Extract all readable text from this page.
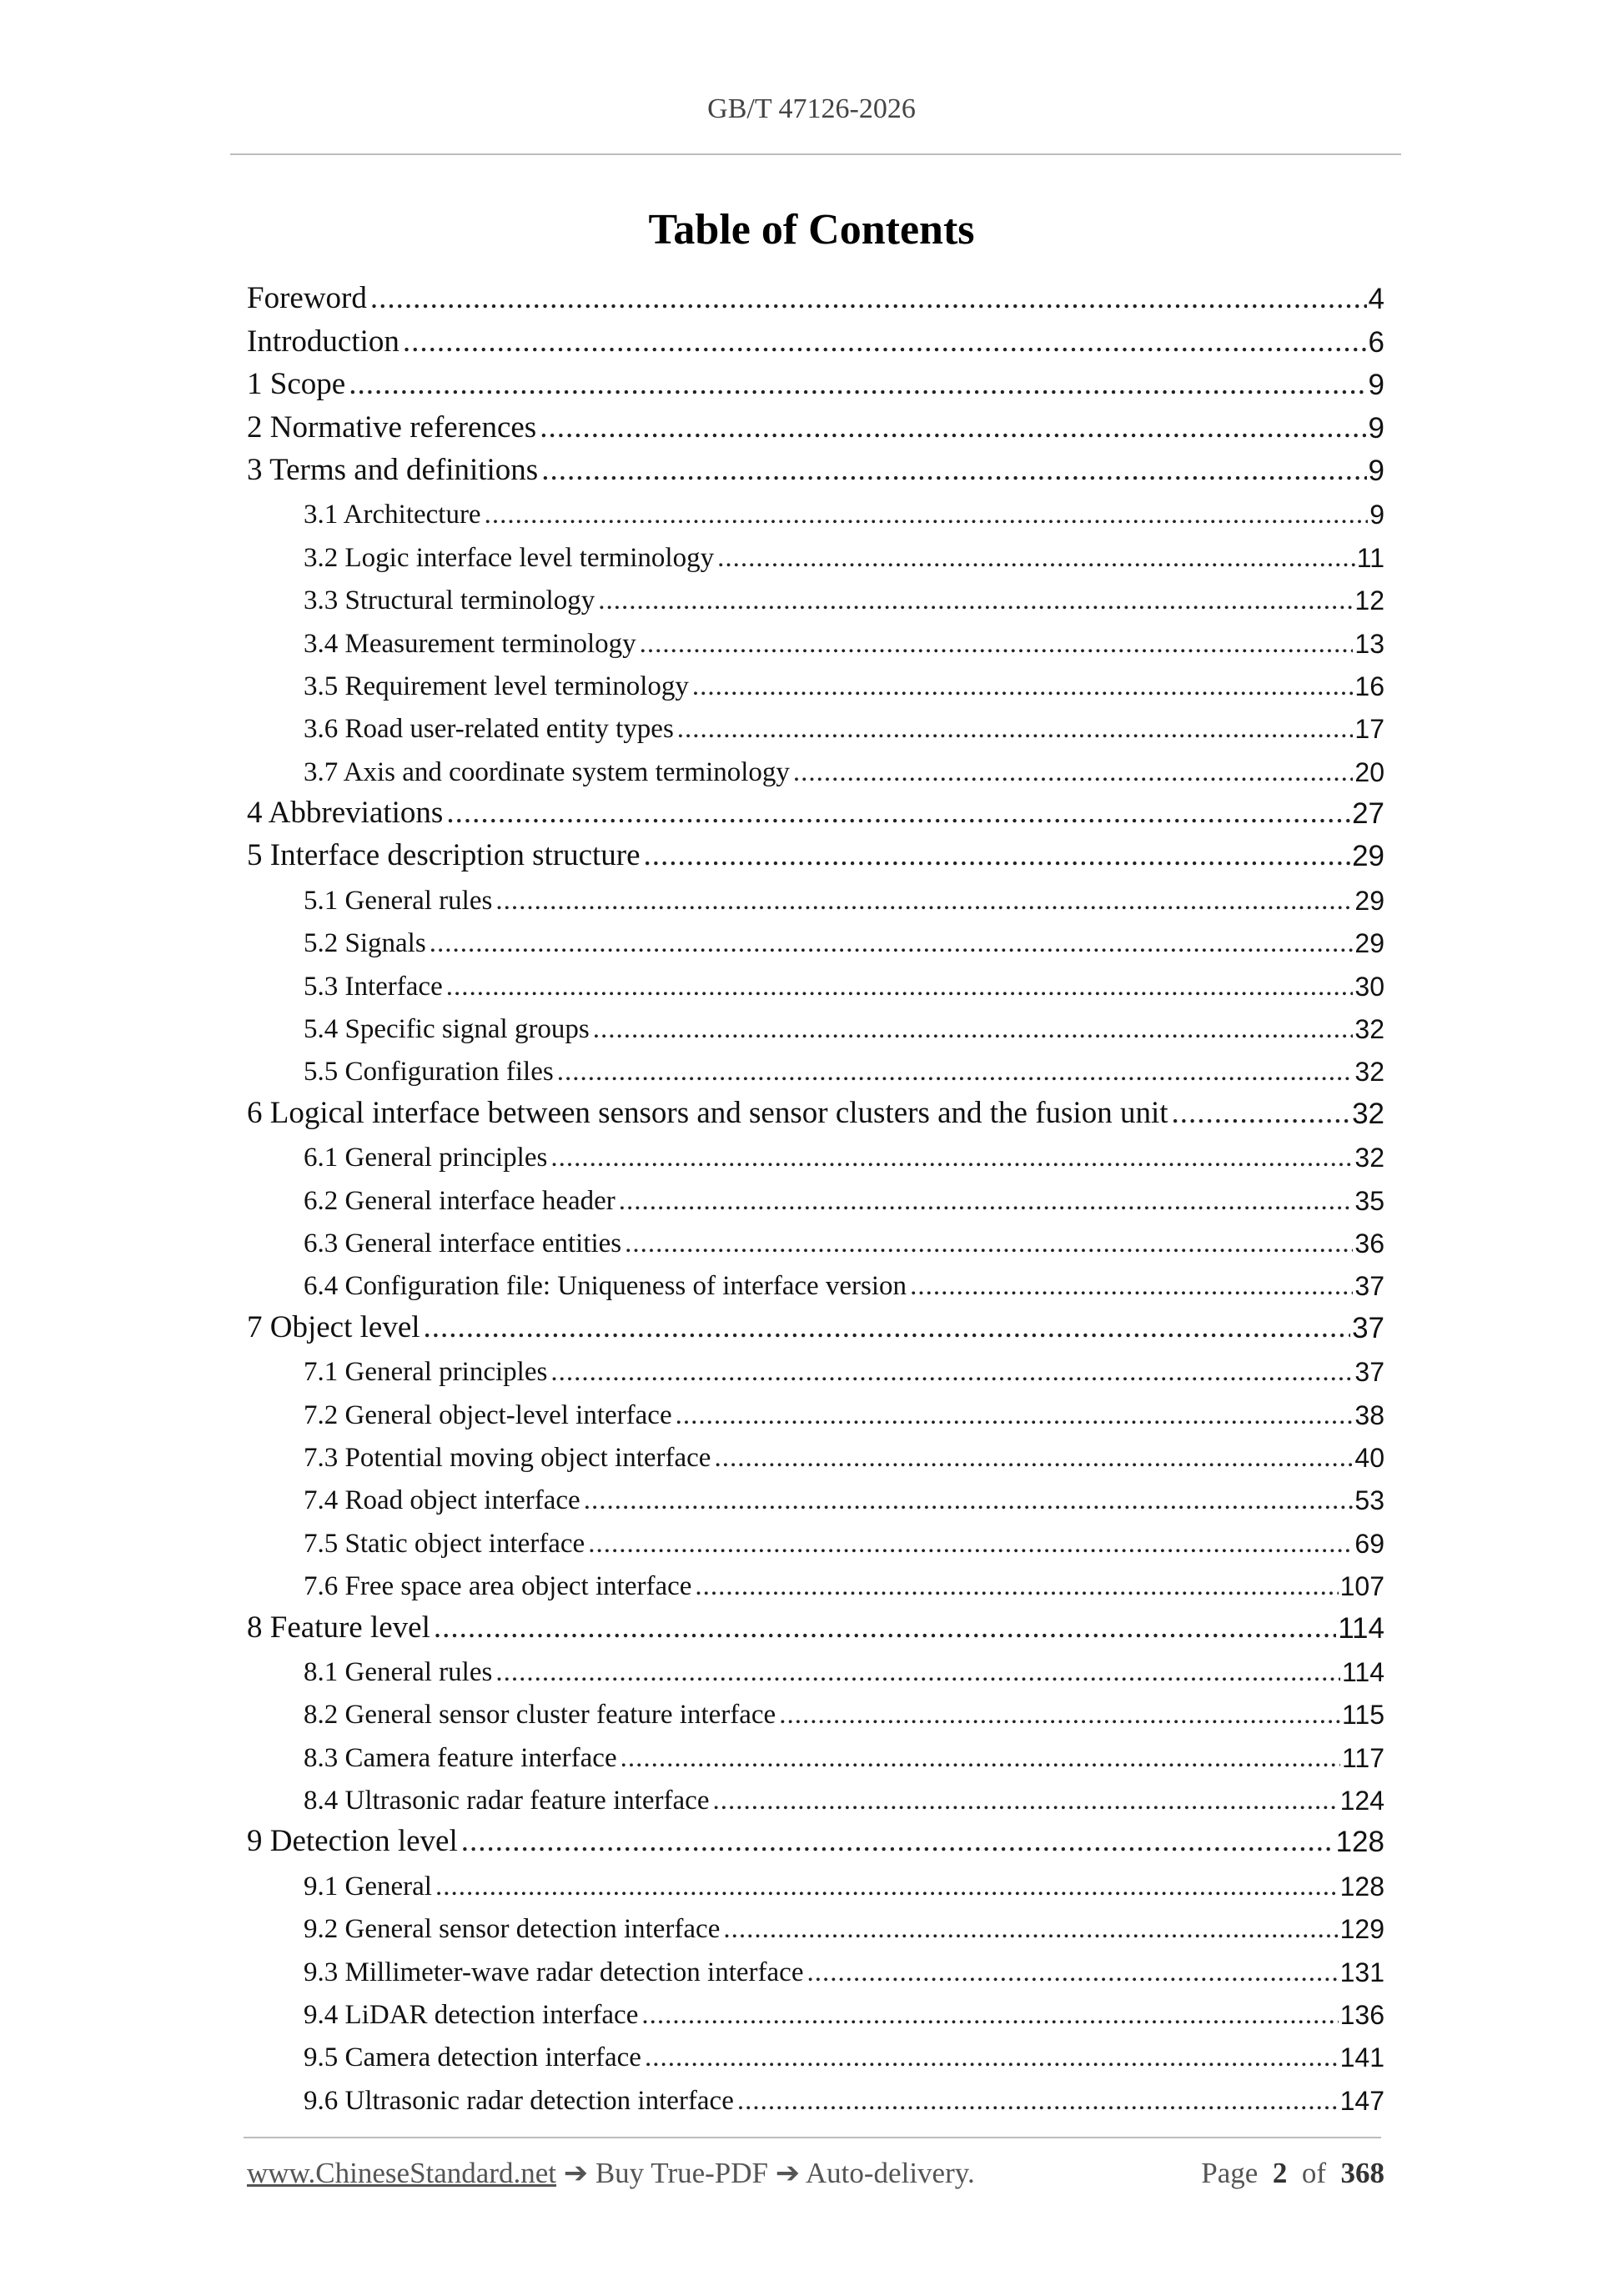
GB/T 47126-2026
Table of Contents
Foreword .....	4
Introduction .....	6
1 Scope .....	9
2 Normative references .....	9
3 Terms and definitions .....	9
3.1 Architecture .....	9
3.2 Logic interface level terminology .....	11
3.3 Structural terminology .....	12
3.4 Measurement terminology .....	13
3.5 Requirement level terminology .....	16
3.6 Road user-related entity types .....	17
3.7 Axis and coordinate system terminology .....	20
4 Abbreviations .....	27
5 Interface description structure .....	29
5.1 General rules .....	29
5.2 Signals .....	29
5.3 Interface .....	30
5.4 Specific signal groups .....	32
5.5 Configuration files .....	32
6 Logical interface between sensors and sensor clusters and the fusion unit .....	32
6.1 General principles .....	32
6.2 General interface header .....	35
6.3 General interface entities .....	36
6.4 Configuration file: Uniqueness of interface version .....	37
7 Object level .....	37
7.1 General principles .....	37
7.2 General object-level interface .....	38
7.3 Potential moving object interface .....	40
7.4 Road object interface .....	53
7.5 Static object interface .....	69
7.6 Free space area object interface .....	107
8 Feature level .....	114
8.1 General rules .....	114
8.2 General sensor cluster feature interface .....	115
8.3 Camera feature interface .....	117
8.4 Ultrasonic radar feature interface .....	124
9 Detection level .....	128
9.1 General .....	128
9.2 General sensor detection interface .....	129
9.3 Millimeter-wave radar detection interface .....	131
9.4 LiDAR detection interface .....	136
9.5 Camera detection interface .....	141
9.6 Ultrasonic radar detection interface .....	147
www.ChineseStandard.net ➔ Buy True-PDF ➔ Auto-delivery.	Page 2 of 368
